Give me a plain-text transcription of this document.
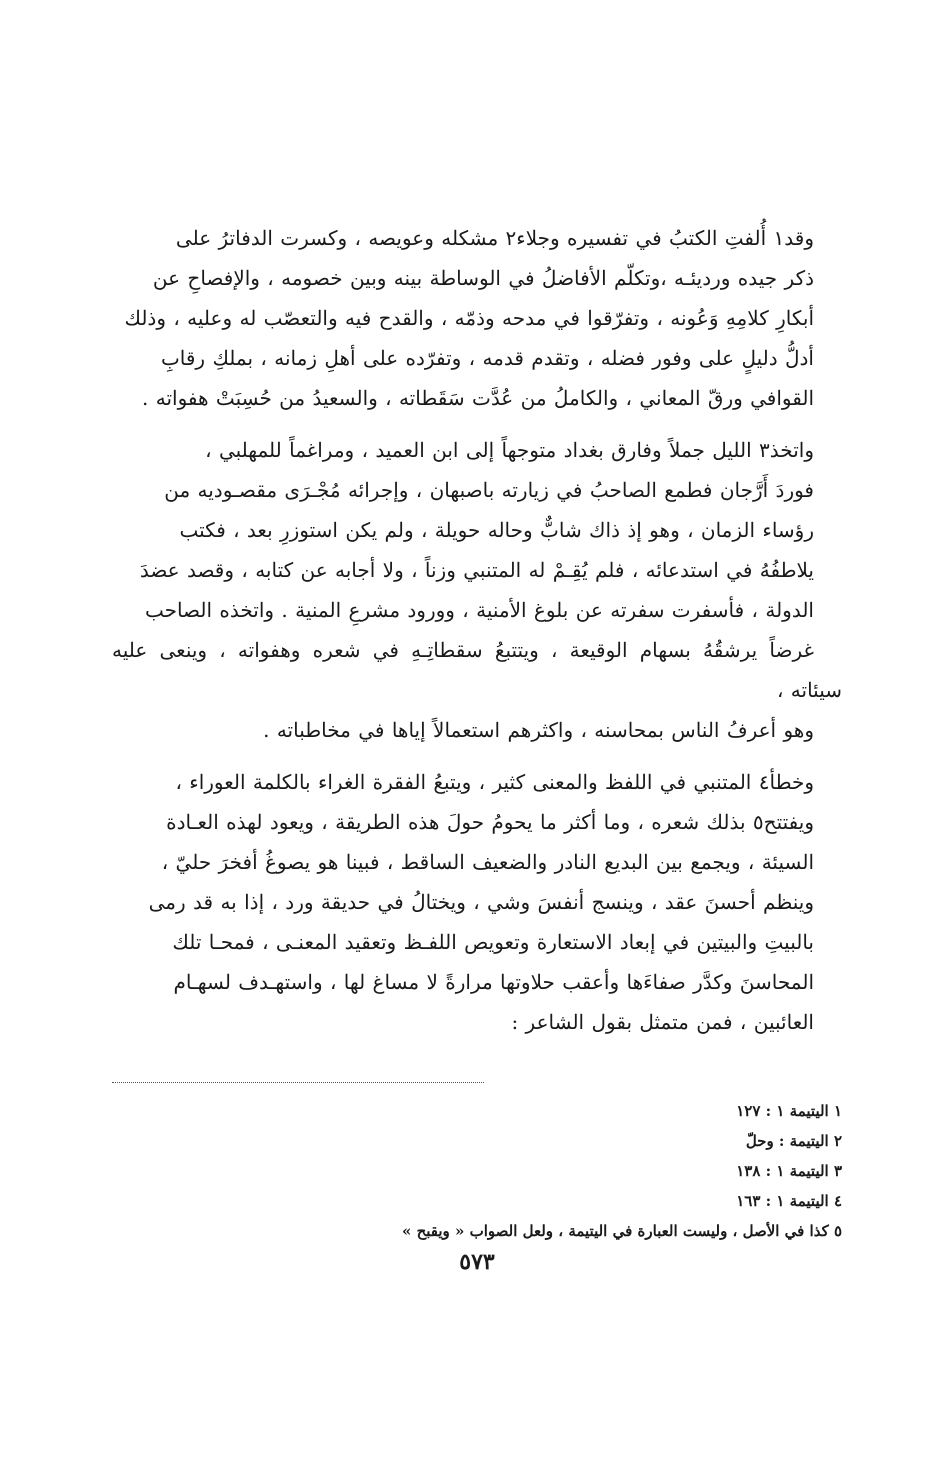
وقد١ أُلفتِ الكتبُ في تفسيره وجلاء٢ مشكله وعويصه ، وكسرت الدفاترُ على

ذكر جيده ورديئـه ،وتكلّم الأفاضلُ في الوساطة بينه وبين خصومه ، والإفصاحِ عن

أبكارِ كلامِهِ وَعُونه ، وتفرّقوا في مدحه وذمّه ، والقدح فيه والتعصّب له وعليه ، وذلك

أدلُّ دليلٍ على وفور فضله ، وتقدم قدمه ، وتفرّده على أهلِ زمانه ، بملكِ رقابِ

القوافي ورقّ المعاني ، والكاملُ من عُدَّت سَقَطاته ، والسعيدُ من حُسِبَتْ هفواته .

واتخذ٣ الليل جملاً وفارق بغداد متوجهاً إلى ابن العميد ، ومراغماً للمهلبي ،

فوردَ أَرَّجان فطمع الصاحبُ في زيارته باصبهان ، وإجرائه مُجْـرَى مقصـوديه من

رؤساء الزمان ، وهو إذ ذاك شابٌّ وحاله حويلة ، ولم يكن استوزرِ بعد ، فكتب

يلاطفُهُ في استدعائه ، فلم يُقِـمْ له المتنبي وزناً ، ولا أجابه عن كتابه ، وقصد عضدَ

الدولة ، فأسفرت سفرته عن بلوغ الأمنية ، وورود مشرعِ المنية . واتخذه الصاحب

غرضاً يرشقُهُ بسهام الوقيعة ، ويتتبعُ سقطاتِـهِ في شعره وهفواته ، وينعى عليه سيئاته ،

وهو أعرفُ الناس بمحاسنه ، واكثرهم استعمالاً إياها في مخاطباته .

وخطأ٤ المتنبي في اللفظ والمعنى كثير ، ويتبعُ الفقرة الغراء بالكلمة العوراء ،

ويفتتح٥ بذلك شعره ، وما أكثر ما يحومُ حولَ هذه الطريقة ، ويعود لهذه العـادة

السيئة ، ويجمع بين البديع النادر والضعيف الساقط ، فبينا هو يصوغُ أفخرَ حليّ ،

وينظم أحسنَ عقد ، وينسج أنفسَ وشي ، ويختالُ في حديقة ورد ، إذا به قد رمى

بالبيتِ والبيتين في إبعاد الاستعارة وتعويص اللفـظ وتعقيد المعنـى ، فمحـا تلك

المحاسنَ وكدَّر صفاءَها وأعقب حلاوتها مرارةً لا مساغ لها ، واستهـدف لسهـام

العائبين ، فمن متمثل بقول الشاعر :

١ اليتيمة ١ : ١٢٧
٢ اليتيمة : وحلّ
٣ اليتيمة ١ : ١٣٨
٤ اليتيمة ١ : ١٦٣
٥ كذا في الأصل ، وليست العبارة في اليتيمة ، ولعل الصواب « ويقبح »
٥٧٣
